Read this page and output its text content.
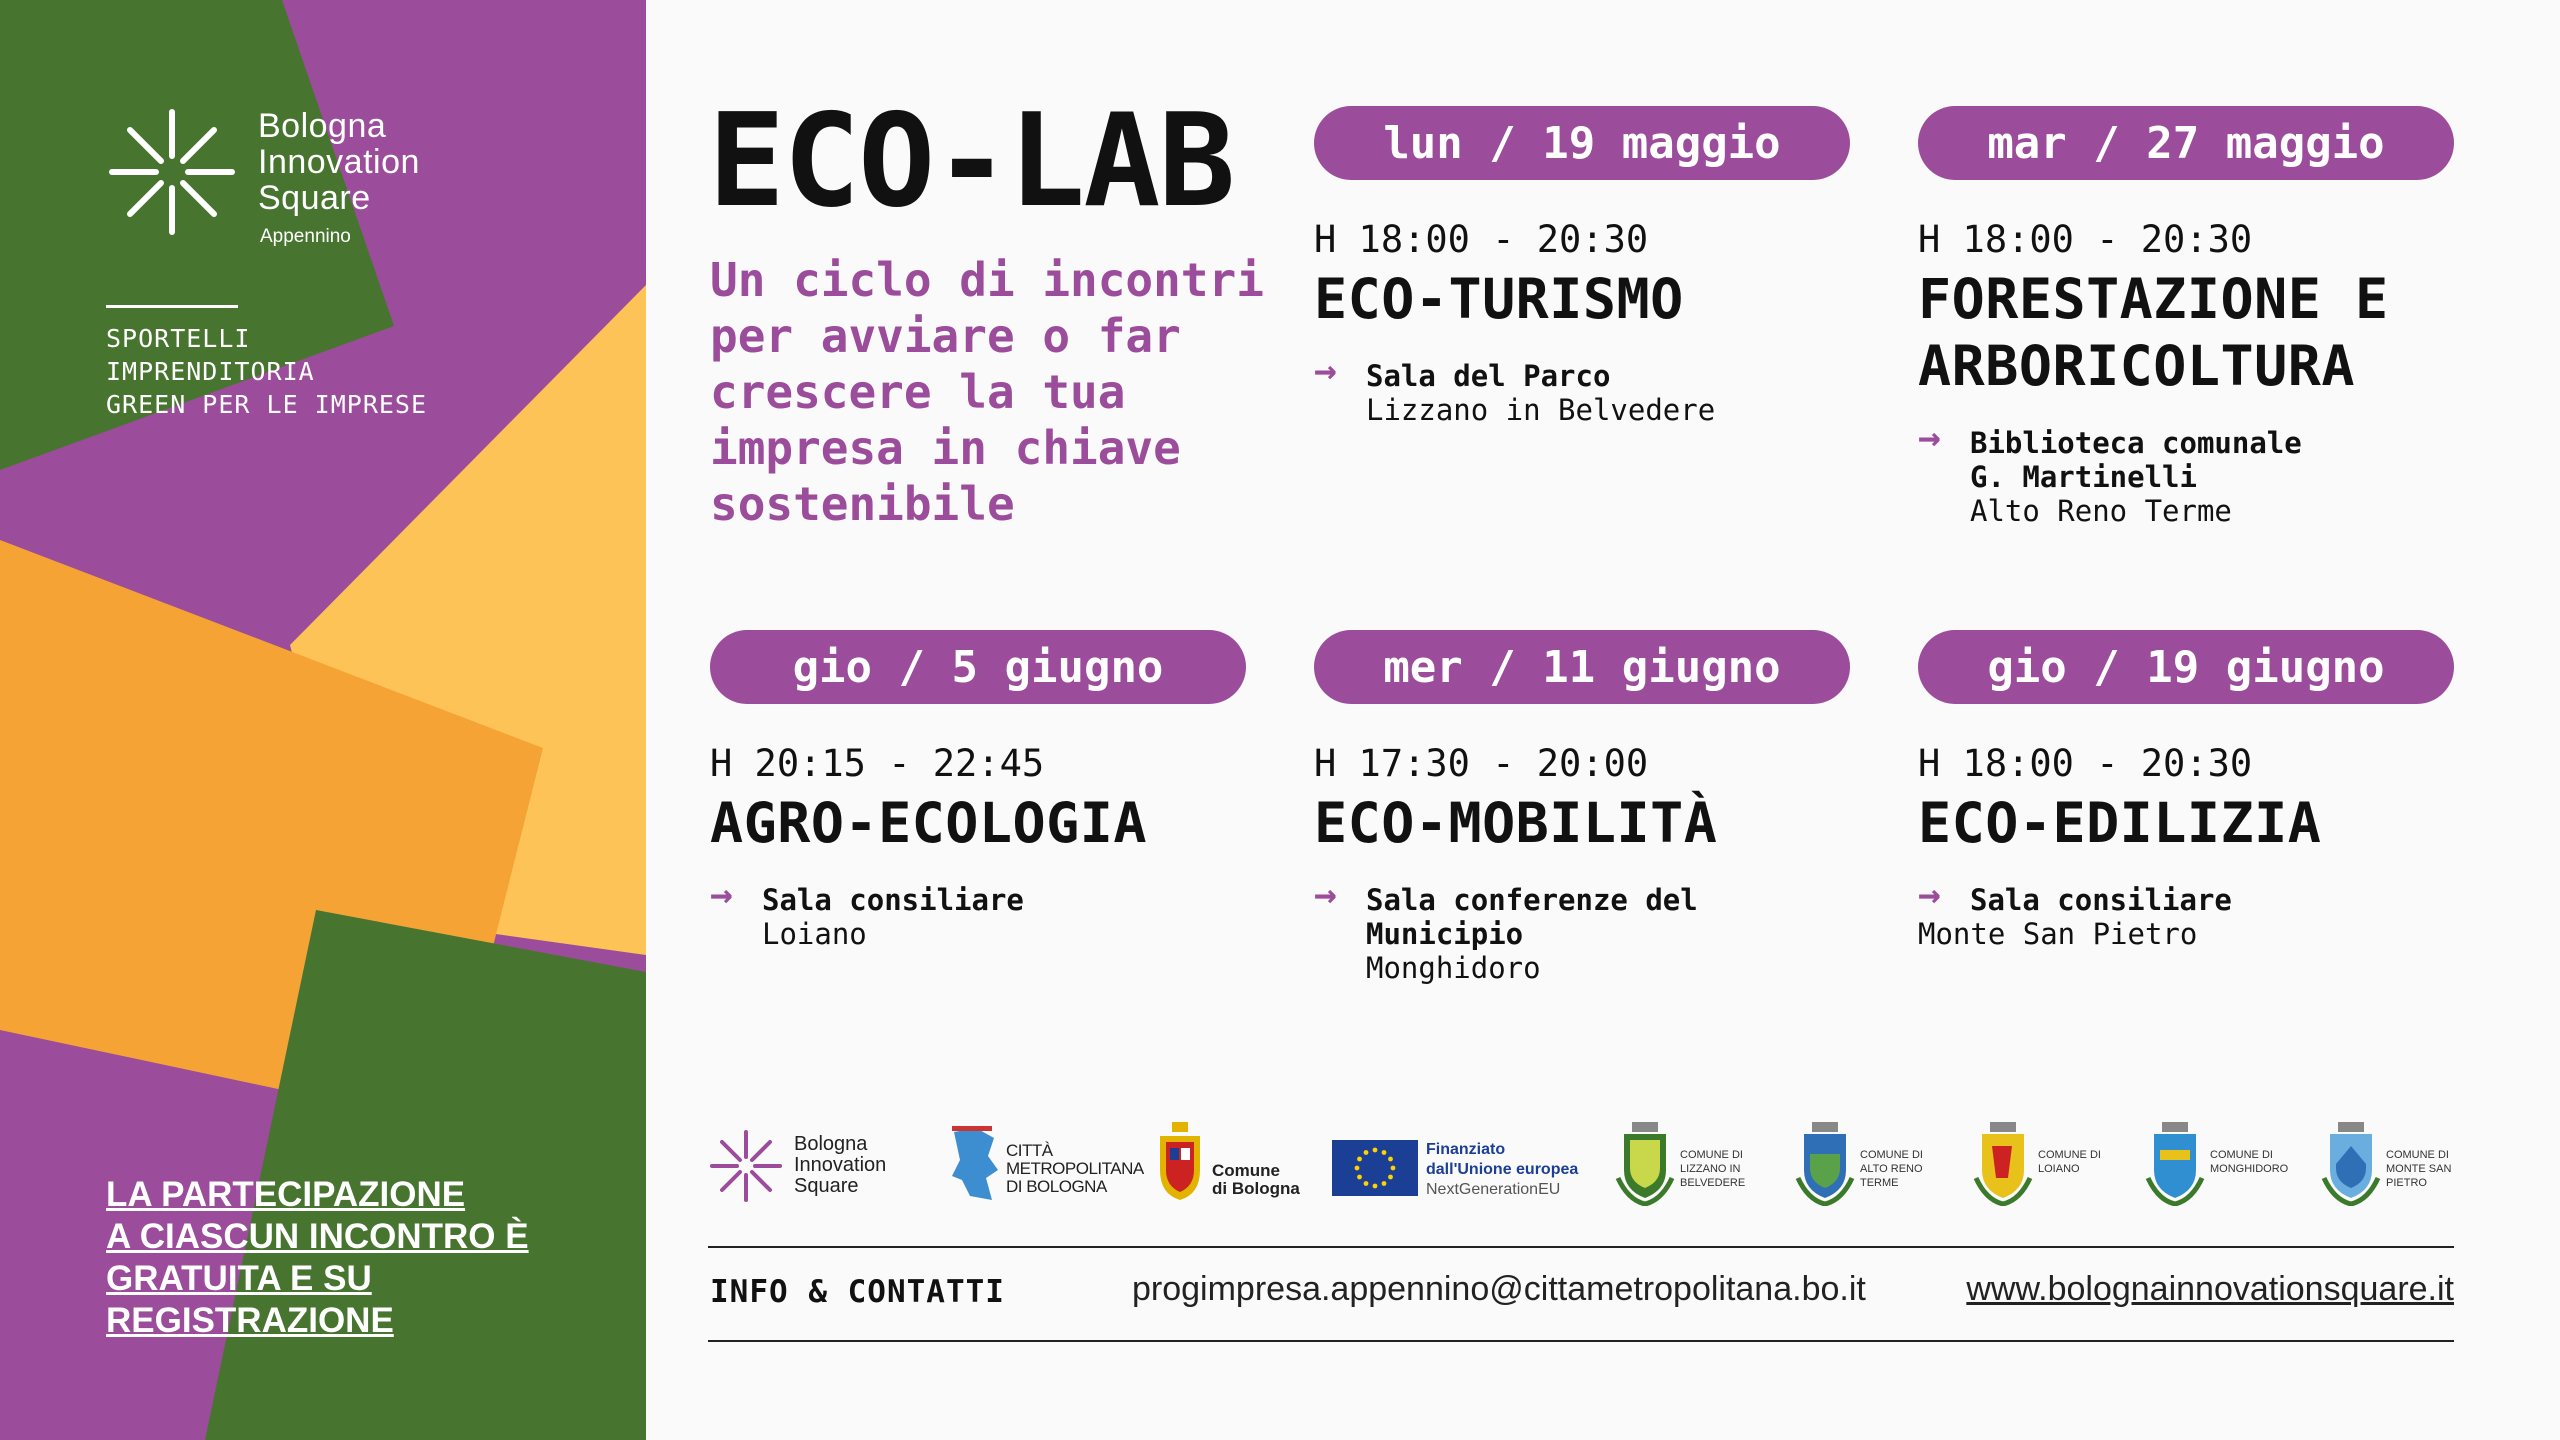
Bologna
Innovation
Square
Appennino
SPORTELLI
IMPRENDITORIA
GREEN PER LE IMPRESE
LA PARTECIPAZIONE
A CIASCUN INCONTRO È
GRATUITA E SU
REGISTRAZIONE
ECO-LAB
Un ciclo di incontri
per avviare o far
crescere la tua
impresa in chiave
sostenibile
lun / 19 maggio
H 18:00 - 20:30
ECO-TURISMO
→ Sala del Parco
Lizzano in Belvedere
mar / 27 maggio
H 18:00 - 20:30
FORESTAZIONE E
ARBORICOLTURA
→ Biblioteca comunale
G. Martinelli
Alto Reno Terme
gio / 5 giugno
H 20:15 - 22:45
AGRO-ECOLOGIA
→ Sala consiliare
Loiano
mer / 11 giugno
H 17:30 - 20:00
ECO-MOBILITÀ
→ Sala conferenze del
Municipio
Monghidoro
gio / 19 giugno
H 18:00 - 20:30
ECO-EDILIZIA
→ Sala consiliare
Monte San Pietro
Bologna
Innovation
Square
CITTÀ
METROPOLITANA
DI BOLOGNA
Comune
di Bologna
Finanziato
dall'Unione europea
NextGenerationEU
COMUNE DI
LIZZANO IN
BELVEDERE
COMUNE DI
ALTO RENO
TERME
COMUNE DI
LOIANO
COMUNE DI
MONGHIDORO
COMUNE DI
MONTE SAN
PIETRO
INFO & CONTATTI	progimpresa.appennino@cittametropolitana.bo.it	www.bolognainnovationsquare.it
